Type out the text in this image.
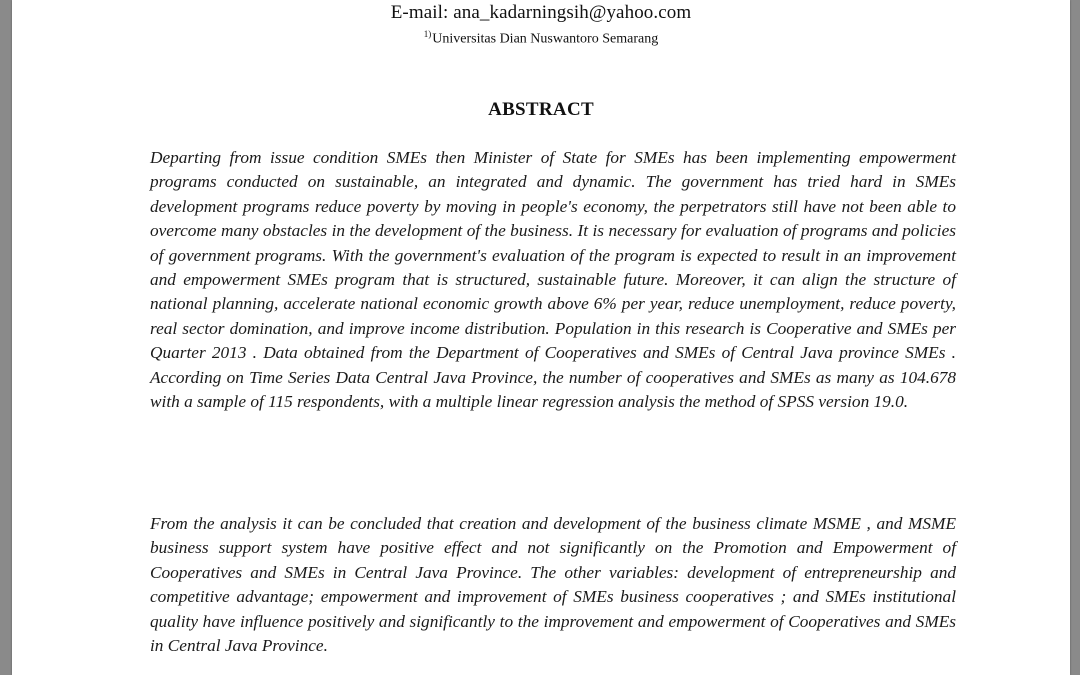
E-mail: ana_kadarningsih@yahoo.com
$^{1)}$Universitas Dian Nuswantoro Semarang
ABSTRACT

Departing from issue condition SMEs then Minister of State for SMEs has been implementing empowerment programs conducted on sustainable, an integrated and dynamic. The government has tried hard in SMEs development programs reduce poverty by moving in people's economy, the perpetrators still have not been able to overcome many obstacles in the development of the business. It is necessary for evaluation of programs and policies of government programs. With the government's evaluation of the program is expected to result in an improvement and empowerment SMEs program that is structured, sustainable future. Moreover, it can align the structure of national planning, accelerate national economic growth above 6% per year, reduce unemployment, reduce poverty, real sector domination, and improve income distribution. Population in this research is Cooperative and SMEs per Quarter 2013 . Data obtained from the Department of Cooperatives and SMEs of Central Java province SMEs . According on Time Series Data Central Java Province, the number of cooperatives and SMEs as many as 104.678 with a sample of 115 respondents, with a multiple linear regression analysis the method of SPSS version 19.0.

From the analysis it can be concluded that creation and development of the business climate MSME , and MSME business support system have positive effect and not significantly on the Promotion and Empowerment of Cooperatives and SMEs in Central Java Province. The other variables: development of entrepreneurship and competitive advantage; empowerment and improvement of SMEs business cooperatives ; and SMEs institutional quality have influence positively and significantly to the improvement and empowerment of Cooperatives and SMEs in Central Java Province.
